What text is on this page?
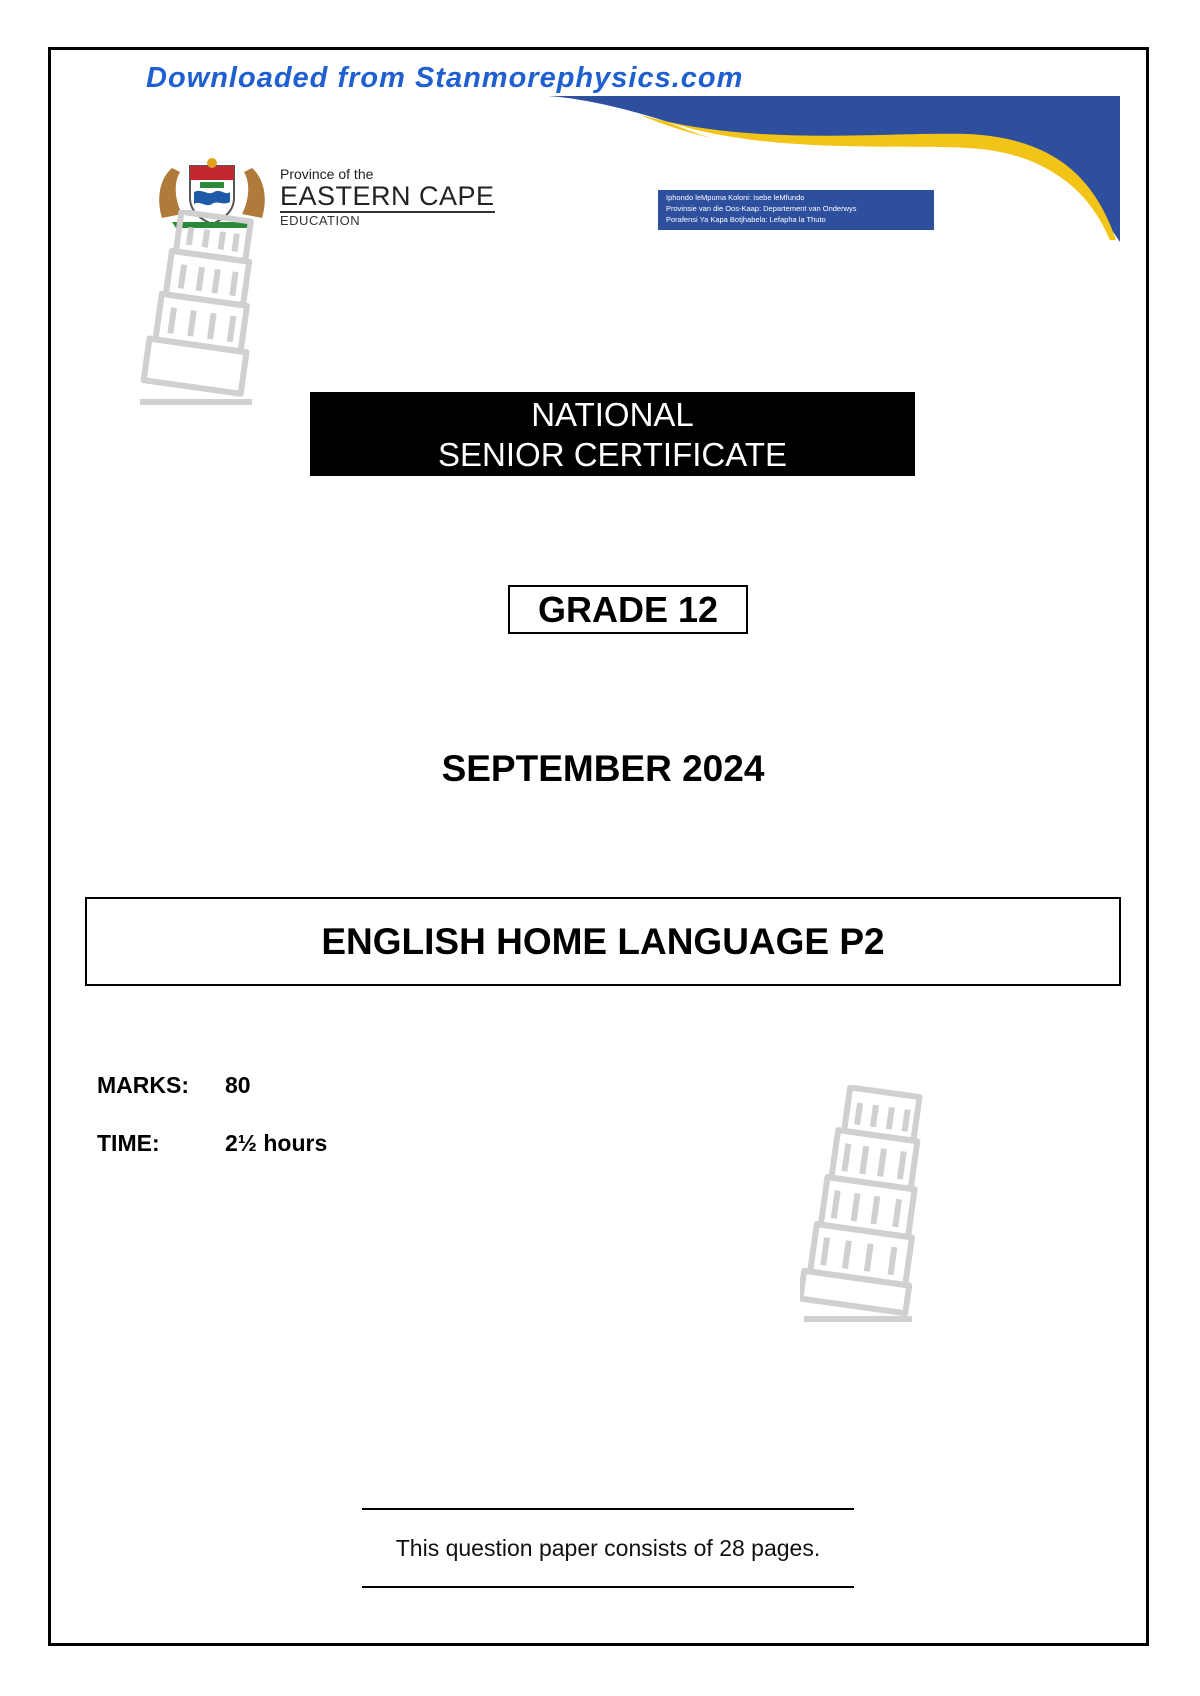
Downloaded from Stanmorephysics.com
Iphondo leMpuma Koloni: Isebe leMfundo
Provinsie van die Oos-Kaap: Departement van Onderwys
Porafensi Ya Kapa Botjhabela: Lefapha la Thuto
Province of the
EASTERN CAPE
EDUCATION
NATIONAL
SENIOR CERTIFICATE
GRADE 12
SEPTEMBER 2024
ENGLISH HOME LANGUAGE P2
MARKS: 80
TIME:	2½ hours
This question paper consists of 28 pages.
